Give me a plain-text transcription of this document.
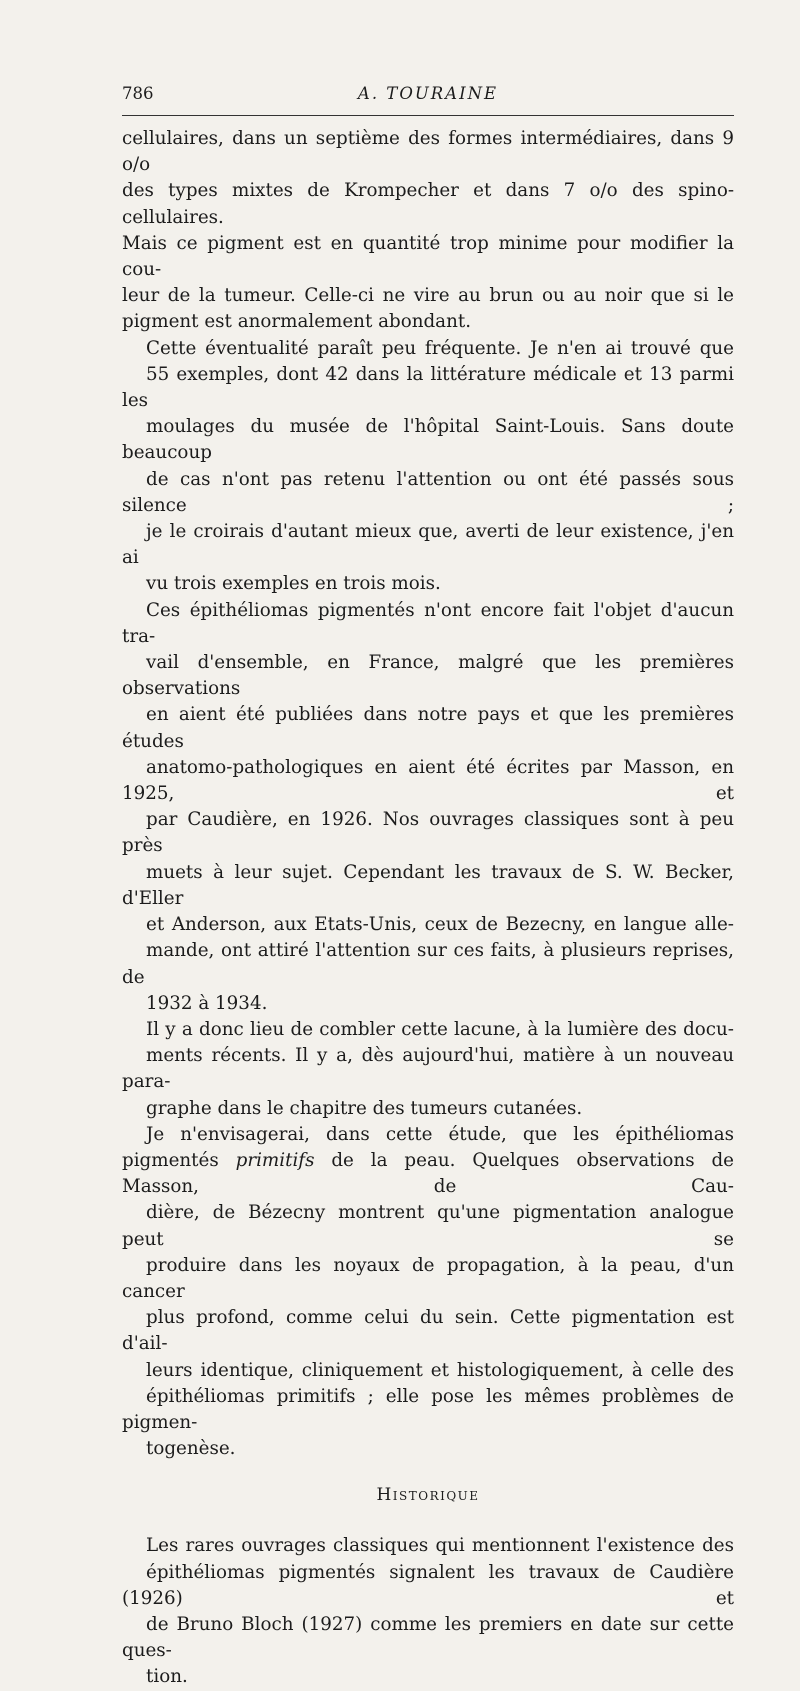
786	A. TOURAINE

cellulaires, dans un septième des formes intermédiaires, dans 9 o/o
des types mixtes de Krompecher et dans 7 o/o des spino-cellulaires.
Mais ce pigment est en quantité trop minime pour modifier la cou-
leur de la tumeur. Celle-ci ne vire au brun ou au noir que si le
pigment est anormalement abondant.

Cette éventualité paraît peu fréquente. Je n'en ai trouvé que
55 exemples, dont 42 dans la littérature médicale et 13 parmi les
moulages du musée de l'hôpital Saint-Louis. Sans doute beaucoup
de cas n'ont pas retenu l'attention ou ont été passés sous silence ;
je le croirais d'autant mieux que, averti de leur existence, j'en ai
vu trois exemples en trois mois.

Ces épithéliomas pigmentés n'ont encore fait l'objet d'aucun tra-
vail d'ensemble, en France, malgré que les premières observations
en aient été publiées dans notre pays et que les premières études
anatomo-pathologiques en aient été écrites par Masson, en 1925, et
par Caudière, en 1926. Nos ouvrages classiques sont à peu près
muets à leur sujet. Cependant les travaux de S. W. Becker, d'Eller
et Anderson, aux Etats-Unis, ceux de Bezecny, en langue alle-
mande, ont attiré l'attention sur ces faits, à plusieurs reprises, de
1932 à 1934.

Il y a donc lieu de combler cette lacune, à la lumière des docu-
ments récents. Il y a, dès aujourd'hui, matière à un nouveau para-
graphe dans le chapitre des tumeurs cutanées.

Je n'envisagerai, dans cette étude, que les épithéliomas pigmentés primitifs de la peau. Quelques observations de Masson, de Cau-
dière, de Bézecny montrent qu'une pigmentation analogue peut se
produire dans les noyaux de propagation, à la peau, d'un cancer
plus profond, comme celui du sein. Cette pigmentation est d'ail-
leurs identique, cliniquement et histologiquement, à celle des
épithéliomas primitifs ; elle pose les mêmes problèmes de pigmen-
togenèse.

Historique

Les rares ouvrages classiques qui mentionnent l'existence des
épithéliomas pigmentés signalent les travaux de Caudière (1926) et
de Bruno Bloch (1927) comme les premiers en date sur cette ques-
tion.
